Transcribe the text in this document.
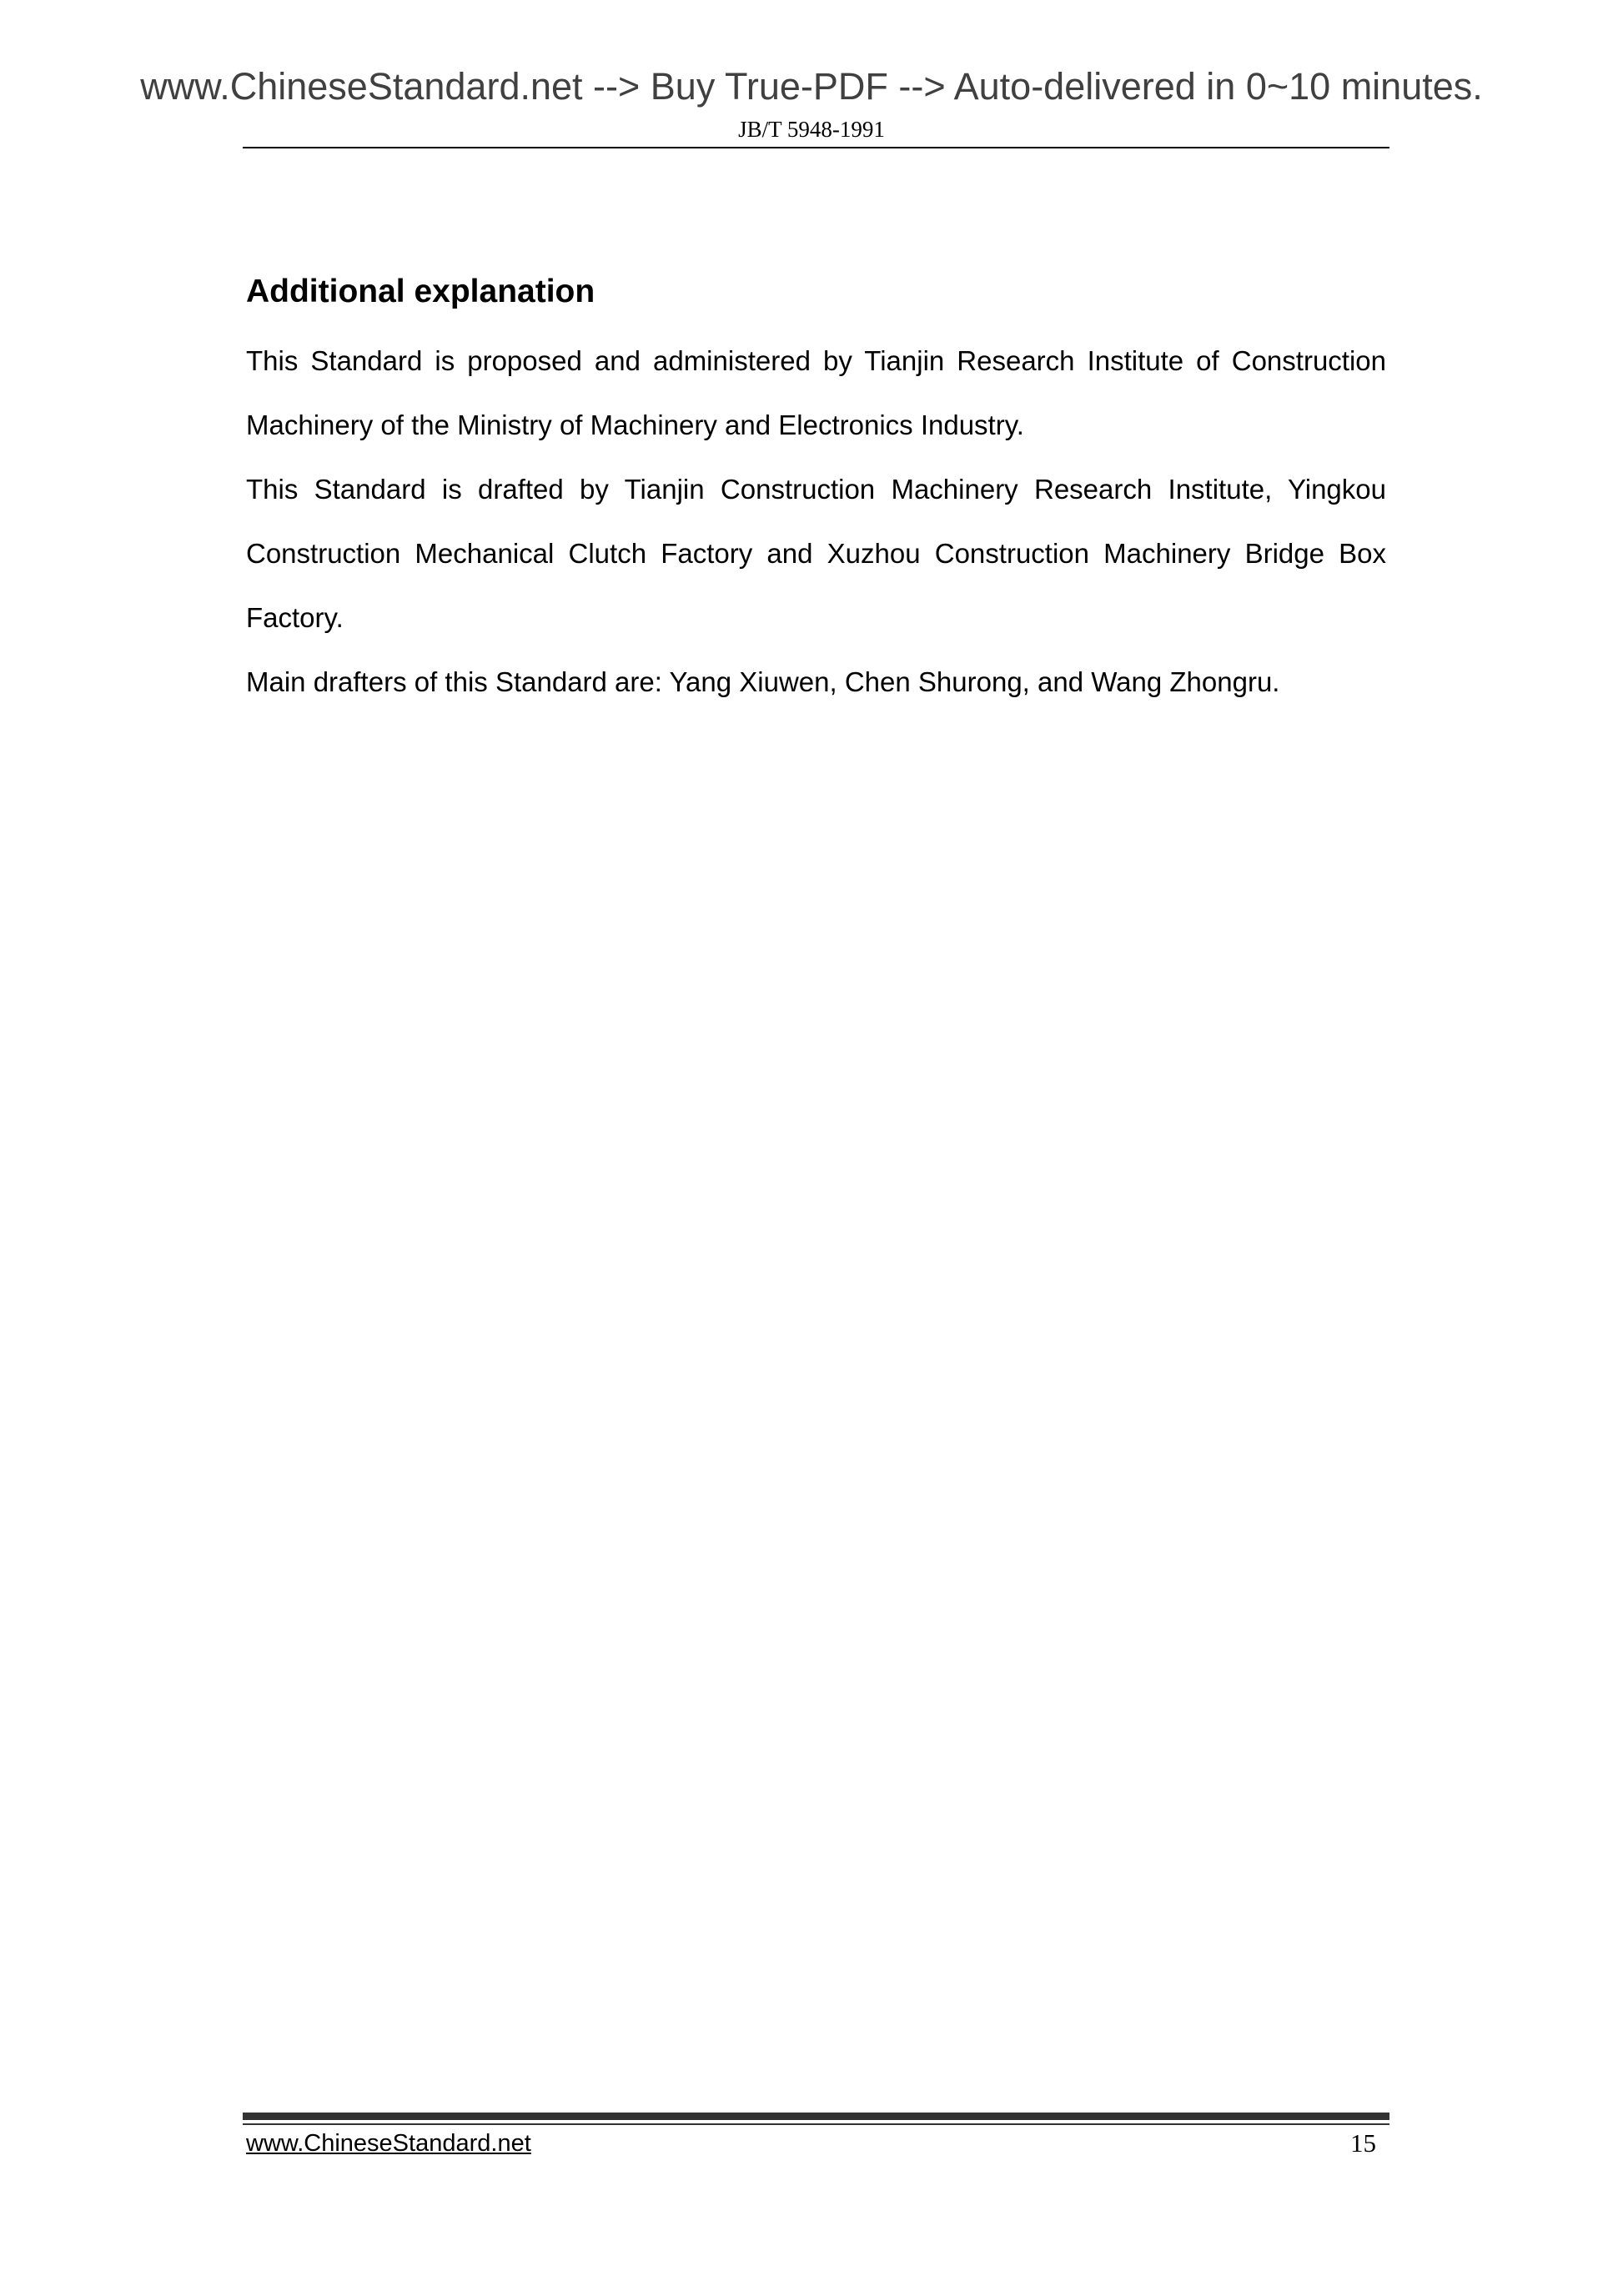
www.ChineseStandard.net --> Buy True-PDF --> Auto-delivered in 0~10 minutes.
JB/T 5948-1991
Additional explanation

This Standard is proposed and administered by Tianjin Research Institute of Construction Machinery of the Ministry of Machinery and Electronics Industry.

This Standard is drafted by Tianjin Construction Machinery Research Institute, Yingkou Construction Mechanical Clutch Factory and Xuzhou Construction Machinery Bridge Box Factory.

Main drafters of this Standard are: Yang Xiuwen, Chen Shurong, and Wang Zhongru.

www.ChineseStandard.net	15
